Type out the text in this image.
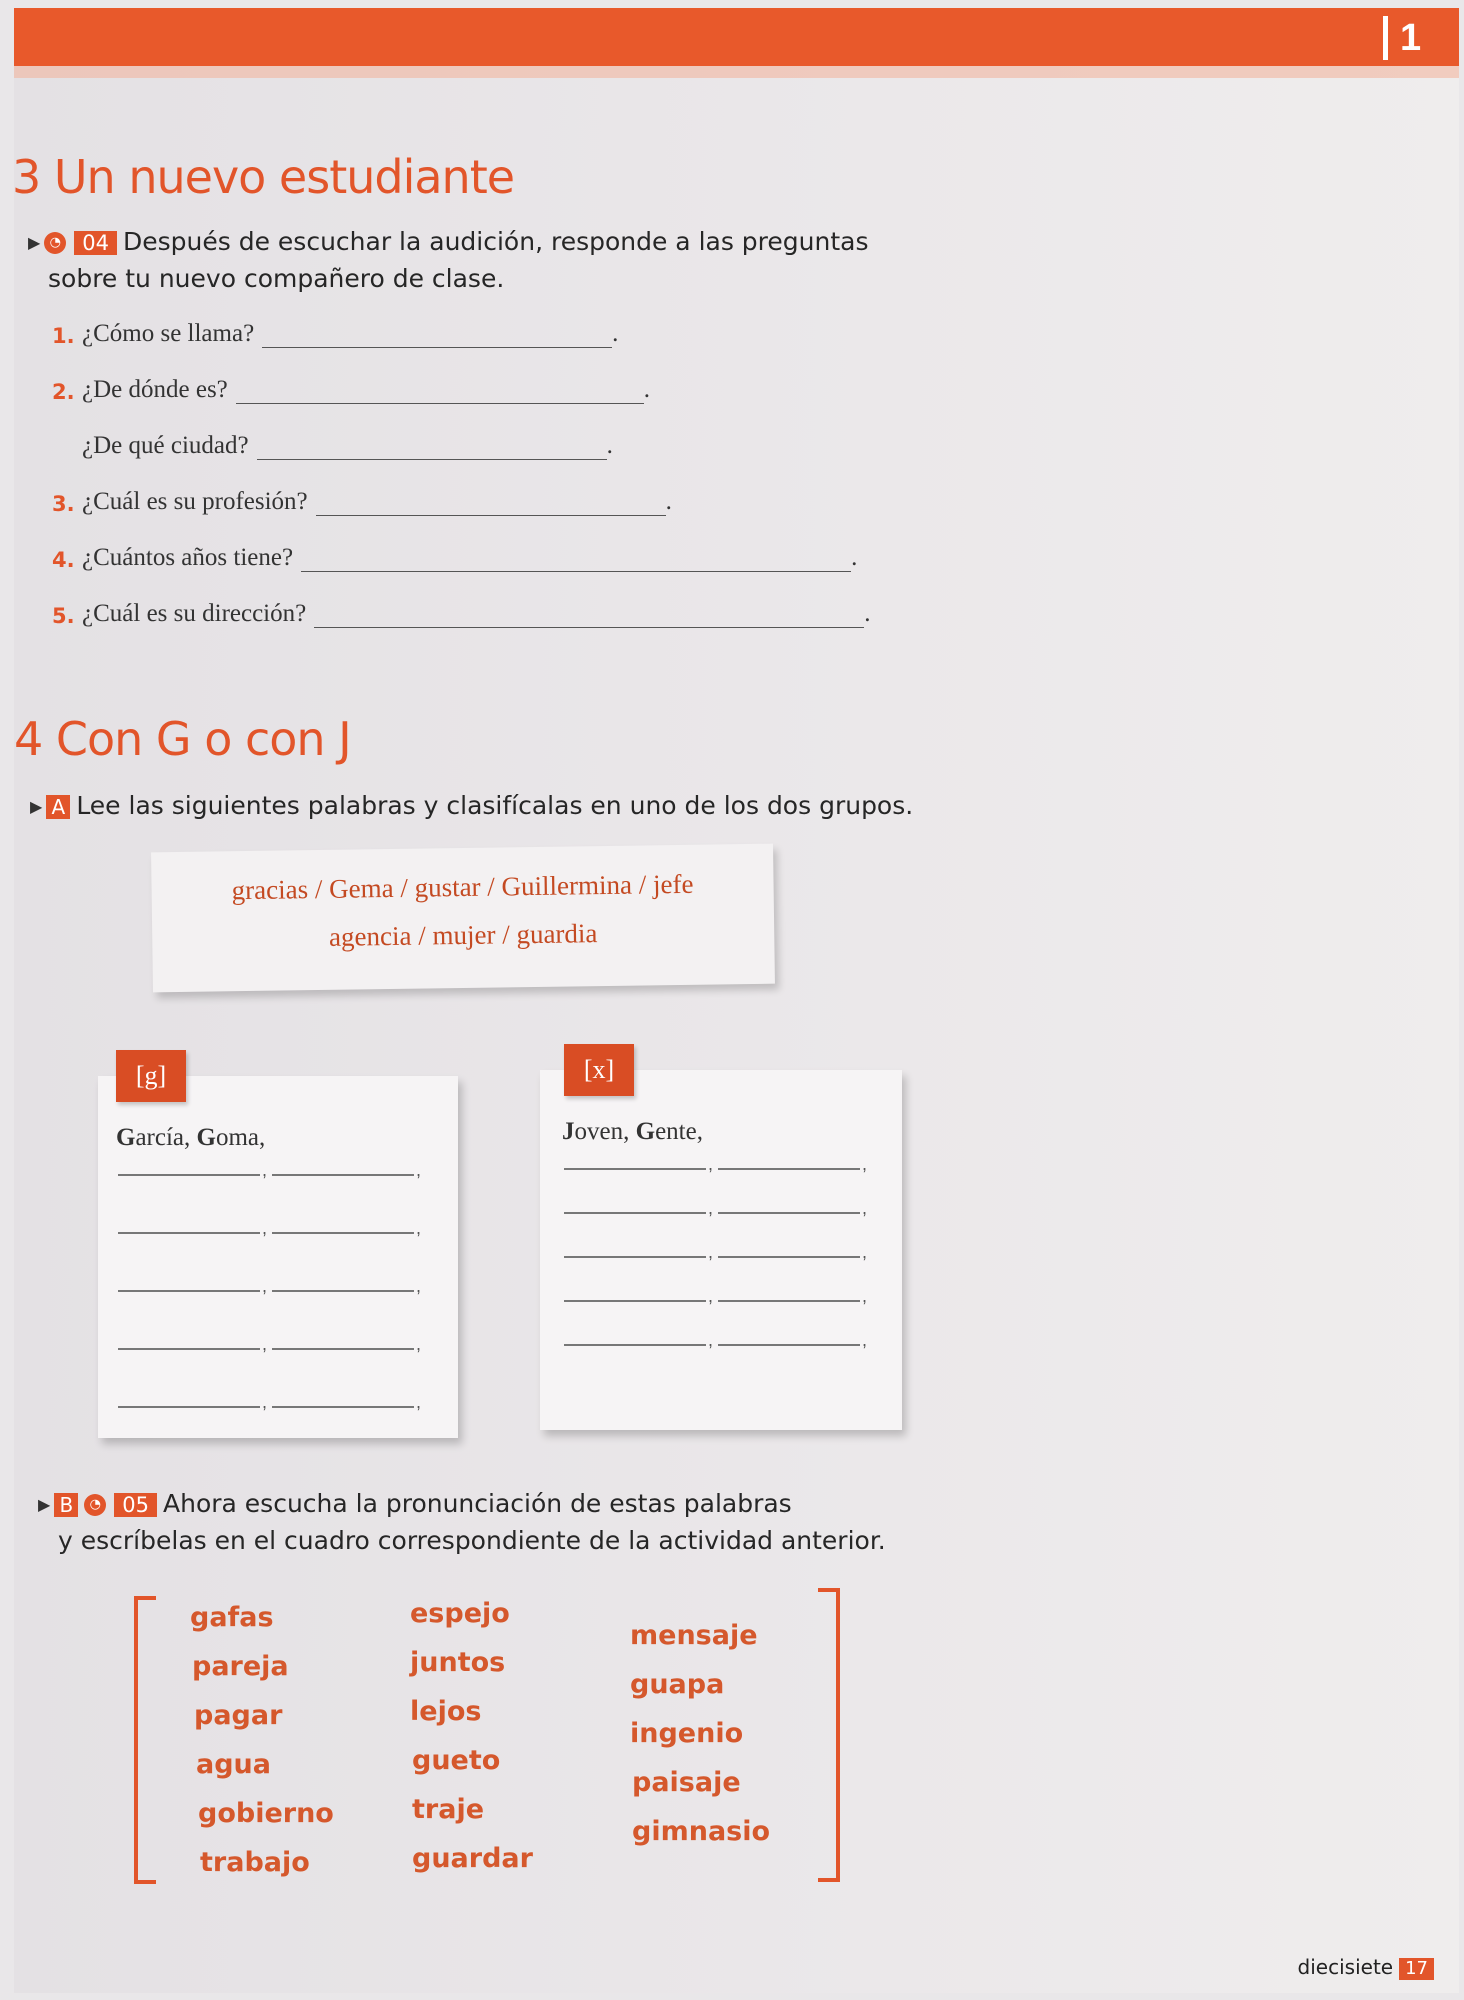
1
3 Un nuevo estudiante
▶ ◔ 04 Después de escuchar la audición, responde a las preguntas
sobre tu nuevo compañero de clase.
1. ¿Cómo se llama?	.
2. ¿De dónde es?	.
¿De qué ciudad?	.
3. ¿Cuál es su profesión?	.
4. ¿Cuántos años tiene?	.
5. ¿Cuál es su dirección?	.
4 Con G o con J
▶ A Lee las siguientes palabras y clasifícalas en uno de los dos grupos.
gracias / Gema / gustar / Guillermina / jefe
agencia / mujer / guardia
García, Goma,
,	,
,	,
,	,
,	,
,	,
[g]
Joven, Gente,
,	,
,	,
,	,
,	,
,	,
[x]
▶ B ◔ 05 Ahora escucha la pronunciación de estas palabras
y escríbelas en el cuadro correspondiente de la actividad anterior.
gafas
pareja
pagar
agua
gobierno
trabajo
espejo
juntos
lejos
gueto
traje
guardar
mensaje
guapa
ingenio
paisaje
gimnasio
diecisiete 17
